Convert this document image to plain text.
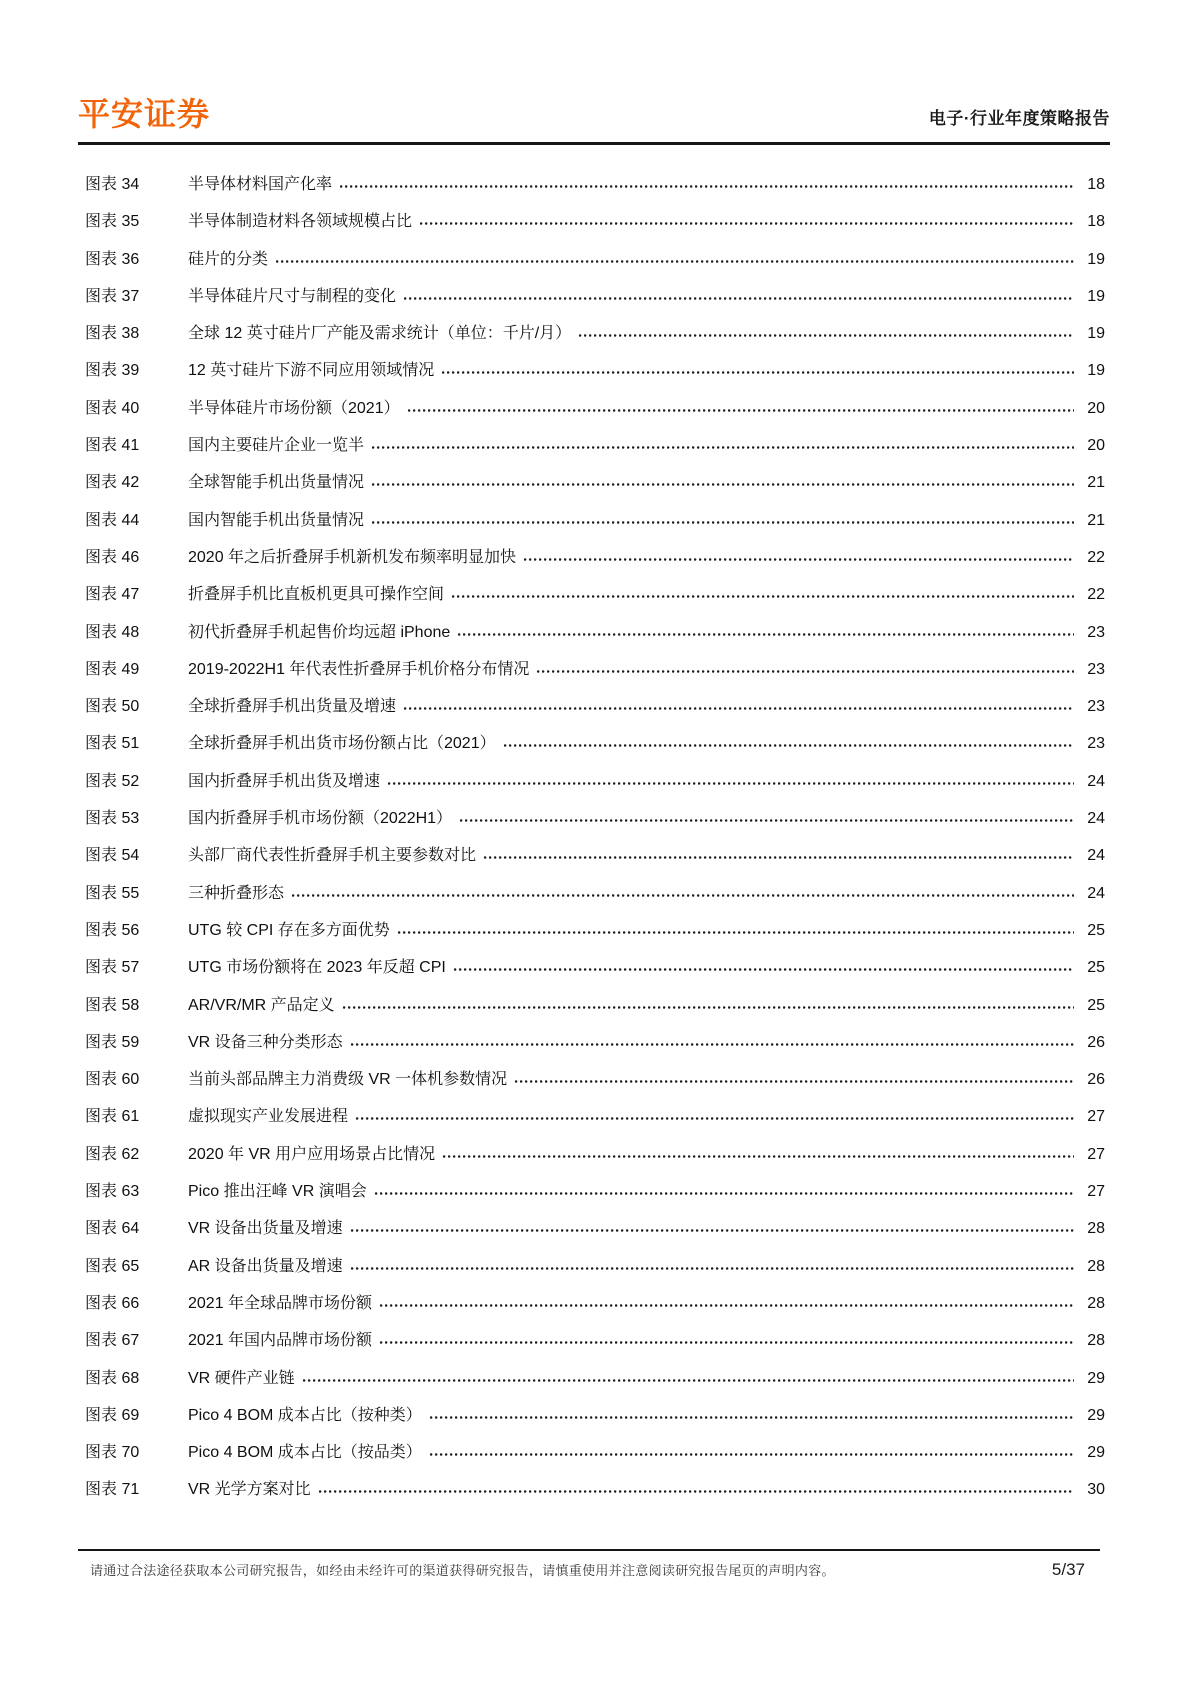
平安证券	电子·行业年度策略报告
图表 34	半导体材料国产化率	18
图表 35	半导体制造材料各领域规模占比	18
图表 36	硅片的分类	19
图表 37	半导体硅片尺寸与制程的变化	19
图表 38	全球 12 英寸硅片厂产能及需求统计（单位：千片/月）	19
图表 39	12 英寸硅片下游不同应用领域情况	19
图表 40	半导体硅片市场份额（2021）	20
图表 41	国内主要硅片企业一览半	20
图表 42	全球智能手机出货量情况	21
图表 44	国内智能手机出货量情况	21
图表 46	2020 年之后折叠屏手机新机发布频率明显加快	22
图表 47	折叠屏手机比直板机更具可操作空间	22
图表 48	初代折叠屏手机起售价均远超 iPhone	23
图表 49	2019-2022H1 年代表性折叠屏手机价格分布情况	23
图表 50	全球折叠屏手机出货量及增速	23
图表 51	全球折叠屏手机出货市场份额占比（2021）	23
图表 52	国内折叠屏手机出货及增速	24
图表 53	国内折叠屏手机市场份额（2022H1）	24
图表 54	头部厂商代表性折叠屏手机主要参数对比	24
图表 55	三种折叠形态	24
图表 56	UTG 较 CPI 存在多方面优势	25
图表 57	UTG 市场份额将在 2023 年反超 CPI	25
图表 58	AR/VR/MR 产品定义	25
图表 59	VR 设备三种分类形态	26
图表 60	当前头部品牌主力消费级 VR 一体机参数情况	26
图表 61	虚拟现实产业发展进程	27
图表 62	2020 年 VR 用户应用场景占比情况	27
图表 63	Pico 推出汪峰 VR 演唱会	27
图表 64	VR 设备出货量及增速	28
图表 65	AR 设备出货量及增速	28
图表 66	2021 年全球品牌市场份额	28
图表 67	2021 年国内品牌市场份额	28
图表 68	VR 硬件产业链	29
图表 69	Pico 4 BOM 成本占比（按种类）	29
图表 70	Pico 4 BOM 成本占比（按品类）	29
图表 71	VR 光学方案对比	30
请通过合法途径获取本公司研究报告，如经由未经许可的渠道获得研究报告，请慎重使用并注意阅读研究报告尾页的声明内容。	5/37
